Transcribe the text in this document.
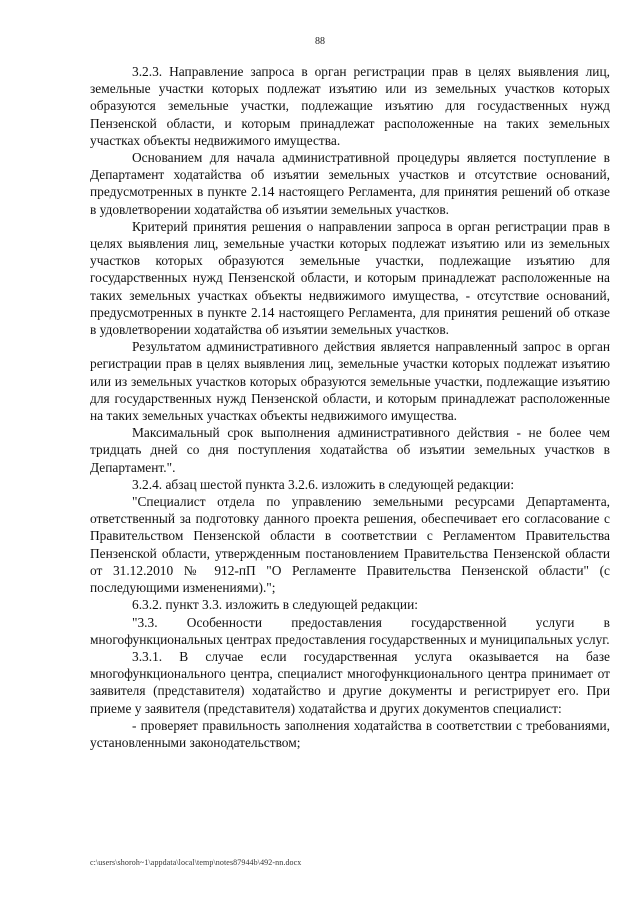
88

3.2.3. Направление запроса в орган регистрации прав в целях выявления лиц, земельные участки которых подлежат изъятию или из земельных участков которых образуются земельные участки, подлежащие изъятию для госудаственных нужд Пензенской области, и которым принадлежат расположенные на таких земельных участках объекты недвижимого имущества.

Основанием для начала административной процедуры является поступление в Департамент ходатайства об изъятии земельных участков и отсутствие оснований, предусмотренных в пункте 2.14 настоящего Регламента, для принятия решений об отказе в удовлетворении ходатайства об изъятии земельных участков.

Критерий принятия решения о направлении запроса в орган регистрации прав в целях выявления лиц, земельные участки которых подлежат изъятию или из земельных участков которых образуются земельные участки, подлежащие изъятию для государственных нужд Пензенской области, и которым принадлежат расположенные на таких земельных участках объекты недвижимого имущества, - отсутствие оснований, предусмотренных в пункте 2.14 настоящего Регламента, для принятия решений об отказе в удовлетворении ходатайства об изъятии земельных участков.

Результатом административного действия является направленный запрос в орган регистрации прав в целях выявления лиц, земельные участки которых подлежат изъятию или из земельных участков которых образуются земельные участки, подлежащие изъятию для государственных нужд Пензенской области, и которым принадлежат расположенные на таких земельных участках объекты недвижимого имущества.

Максимальный срок выполнения административного действия - не более чем тридцать дней со дня поступления ходатайства об изъятии земельных участков в Департамент.".

3.2.4. абзац шестой пункта 3.2.6. изложить в следующей редакции:

"Специалист отдела по управлению земельными ресурсами Департамента, ответственный за подготовку данного проекта решения, обеспечивает его согласование с Правительством Пензенской области в соответствии с Регламентом Правительства Пензенской области, утвержденным постановлением Правительства Пензенской области от 31.12.2010 № 912-пП "О Регламенте Правительства Пензенской области" (с последующими изменениями).";

6.3.2. пункт 3.3. изложить в следующей редакции:

"3.3. Особенности предоставления государственной услуги в многофункциональных центрах предоставления государственных и муниципальных услуг.

3.3.1. В случае если государственная услуга оказывается на базе многофункционального центра, специалист многофункционального центра принимает от заявителя (представителя) ходатайство и другие документы и регистрирует его. При приеме у заявителя (представителя) ходатайства и других документов специалист:

- проверяет правильность заполнения ходатайства в соответствии с требованиями, установленными законодательством;

c:\users\shoroh~1\appdata\local\temp\notes87944b\492-nn.docx
